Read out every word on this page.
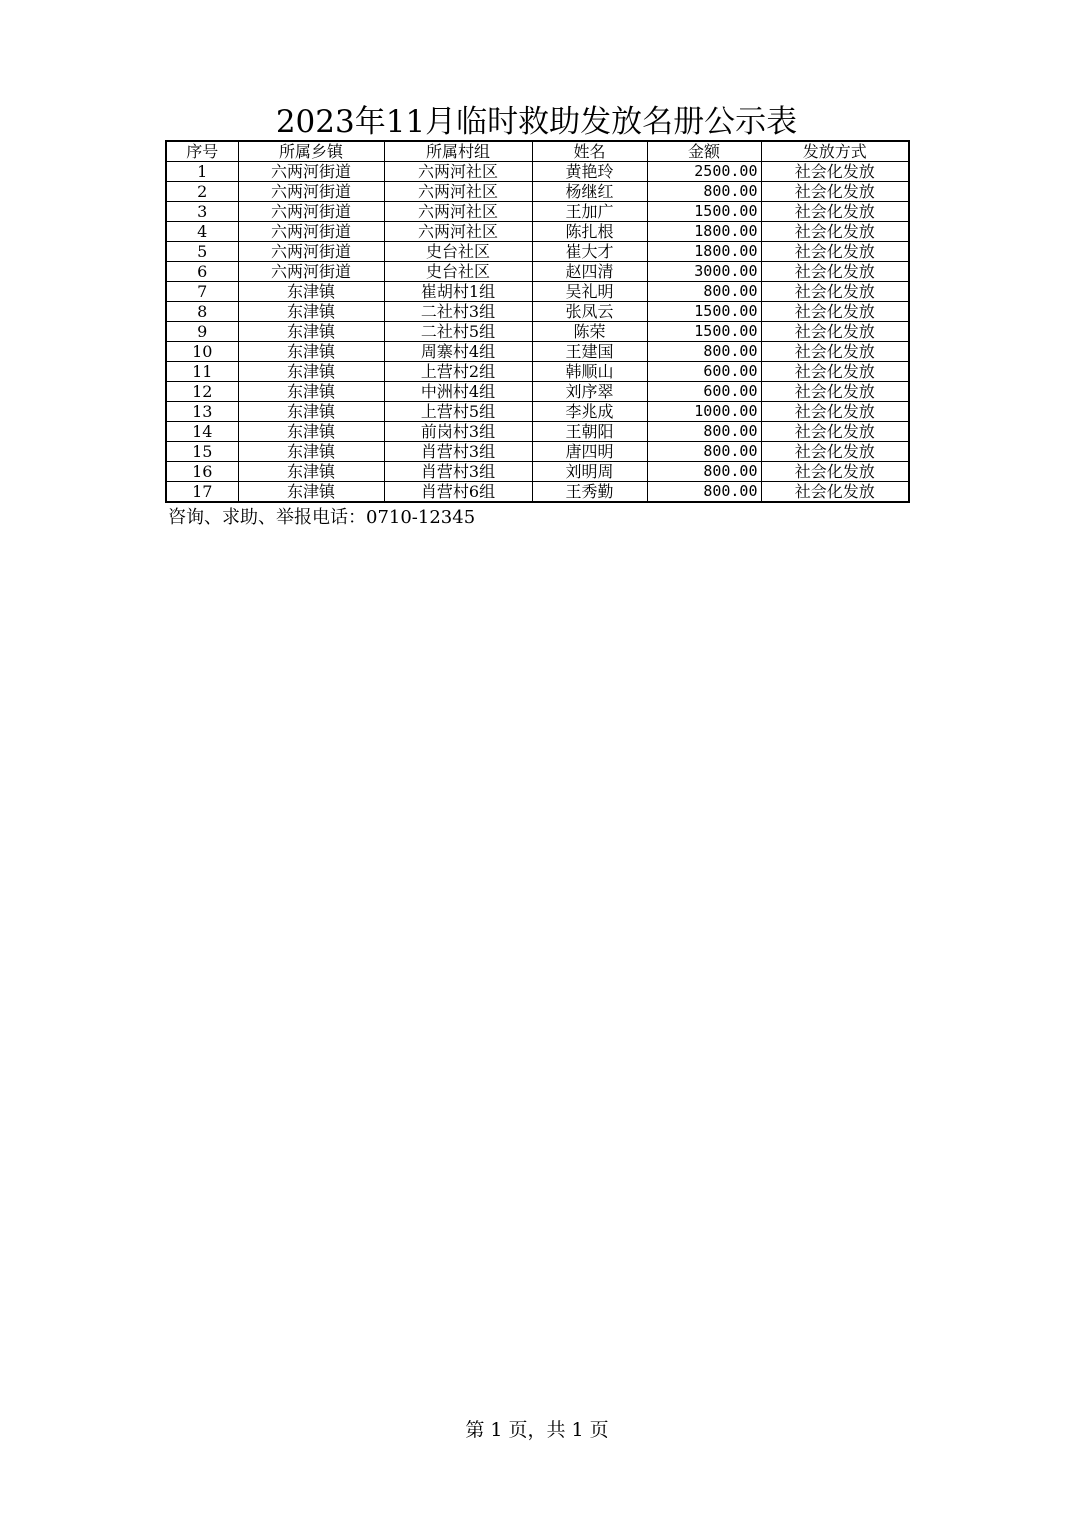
2023年11月临时救助发放名册公示表
序号	所属乡镇	所属村组	姓名	金额	发放方式
1	六两河街道	六两河社区	黄艳玲	2500.00	社会化发放
2	六两河街道	六两河社区	杨继红	800.00	社会化发放
3	六两河街道	六两河社区	王加广	1500.00	社会化发放
4	六两河街道	六两河社区	陈扎根	1800.00	社会化发放
5	六两河街道	史台社区	崔大才	1800.00	社会化发放
6	六两河街道	史台社区	赵四清	3000.00	社会化发放
7	东津镇	崔胡村1组	吴礼明	800.00	社会化发放
8	东津镇	二社村3组	张凤云	1500.00	社会化发放
9	东津镇	二社村5组	陈荣	1500.00	社会化发放
10	东津镇	周寨村4组	王建国	800.00	社会化发放
11	东津镇	上营村2组	韩顺山	600.00	社会化发放
12	东津镇	中洲村4组	刘序翠	600.00	社会化发放
13	东津镇	上营村5组	李兆成	1000.00	社会化发放
14	东津镇	前岗村3组	王朝阳	800.00	社会化发放
15	东津镇	肖营村3组	唐四明	800.00	社会化发放
16	东津镇	肖营村3组	刘明周	800.00	社会化发放
17	东津镇	肖营村6组	王秀勤	800.00	社会化发放
咨询、求助、举报电话：0710-12345
第 1 页，共 1 页
